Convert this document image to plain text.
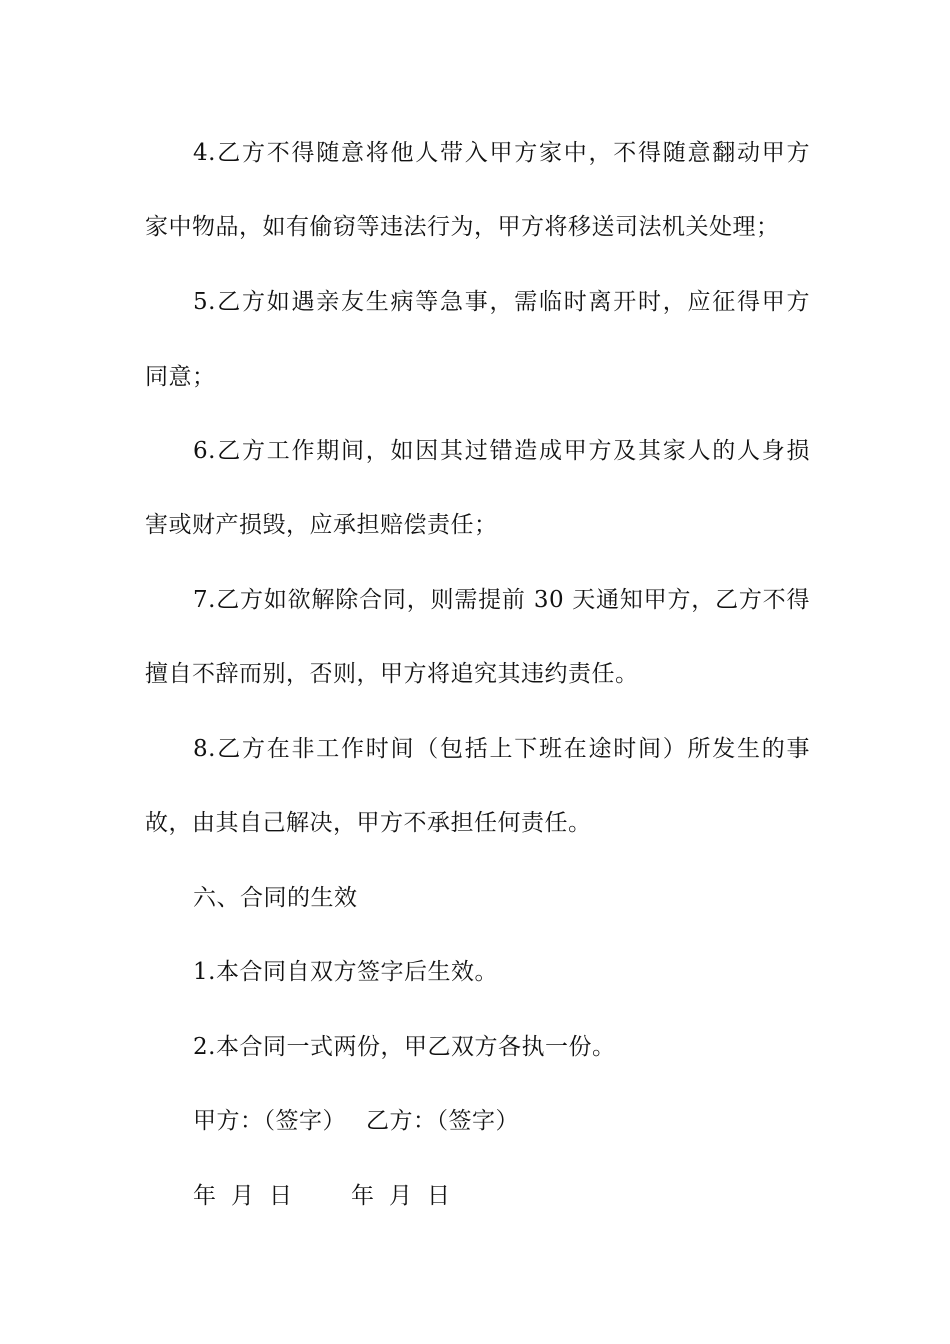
4.乙方不得随意将他人带入甲方家中，不得随意翻动甲方
家中物品，如有偷窃等违法行为，甲方将移送司法机关处理；
5.乙方如遇亲友生病等急事，需临时离开时，应征得甲方
同意；
6.乙方工作期间，如因其过错造成甲方及其家人的人身损
害或财产损毁，应承担赔偿责任；
7.乙方如欲解除合同，则需提前 30 天通知甲方，乙方不得
擅自不辞而别，否则，甲方将追究其违约责任。
8.乙方在非工作时间（包括上下班在途时间）所发生的事
故，由其自己解决，甲方不承担任何责任。
六、合同的生效
1.本合同自双方签字后生效。
2.本合同一式两份，甲乙双方各执一份。
甲方：（签字） 乙方：（签字）
年 月 日	年 月 日
